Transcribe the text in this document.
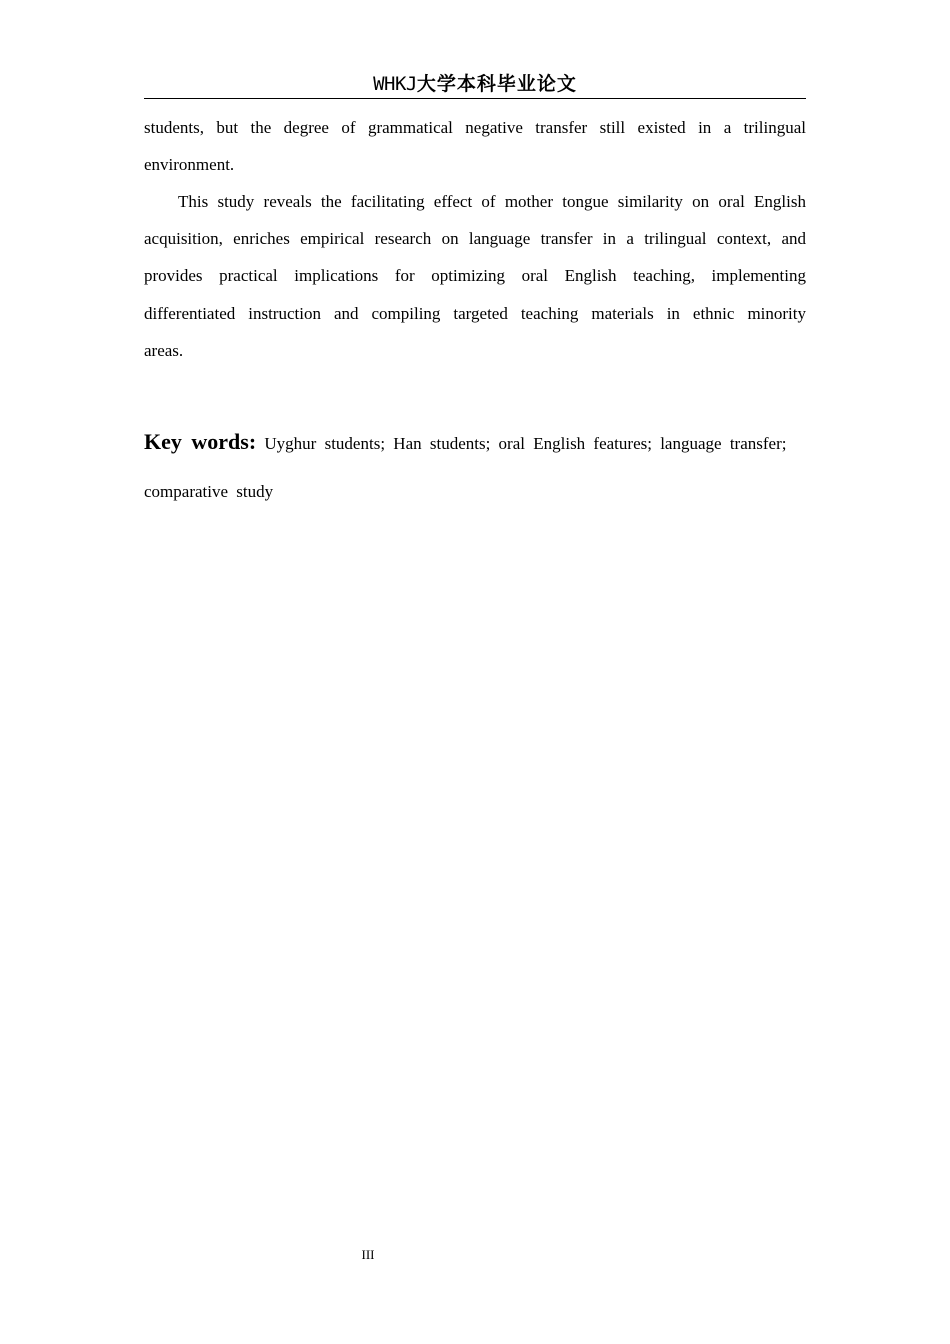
WHKJ大学本科毕业论文
students, but the degree of grammatical negative transfer still existed in a trilingual environment.
This study reveals the facilitating effect of mother tongue similarity on oral English acquisition, enriches empirical research on language transfer in a trilingual context, and provides practical implications for optimizing oral English teaching, implementing differentiated instruction and compiling targeted teaching materials in ethnic minority areas.
Key words: Uyghur students; Han students; oral English features; language transfer; comparative study
III
